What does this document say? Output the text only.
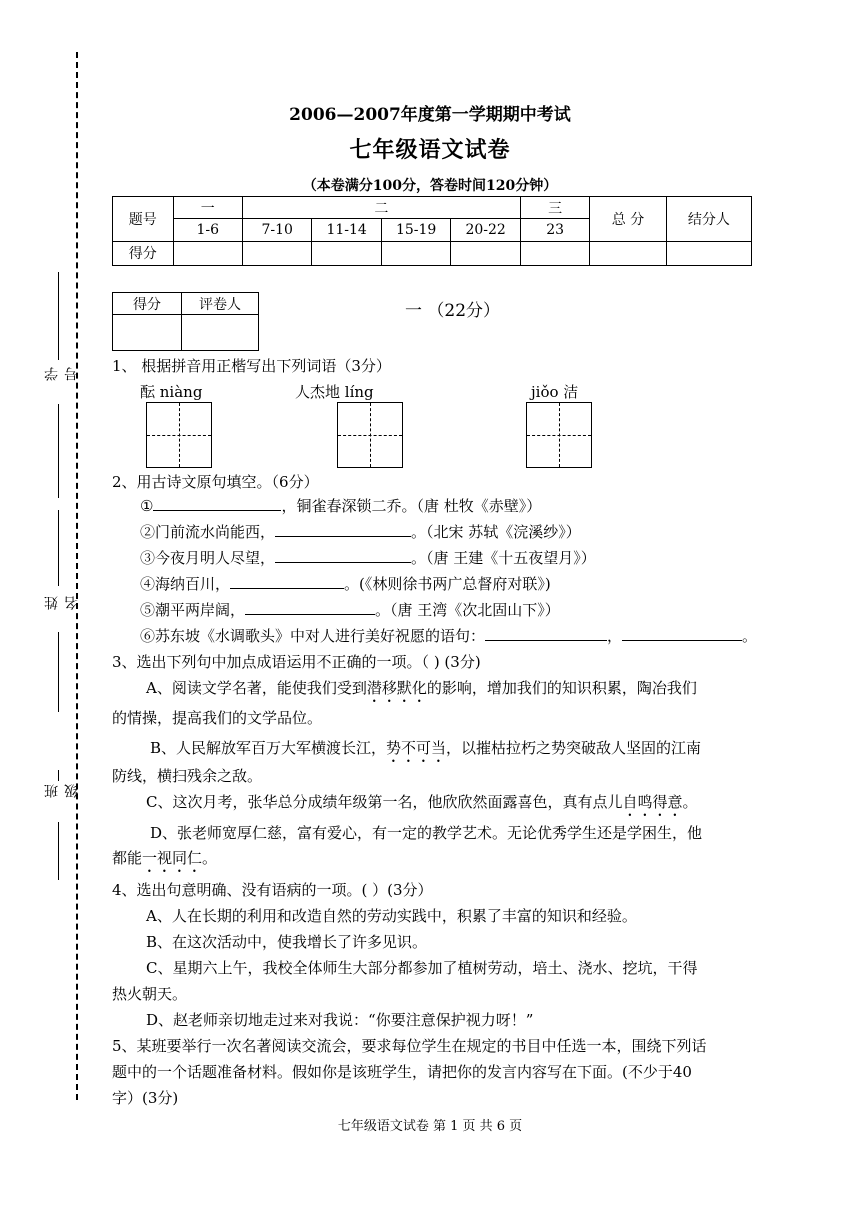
学号
姓名
班级
2006—2007年度第一学期期中考试
七年级语文试卷
（本卷满分100分，答卷时间120分钟）
题号	一	二				三	总 分	结分人
	1-6	7-10	11-14	15-19	20-22	23		
得分								
得分	评卷人
		一 （22分）
1、 根据拼音用正楷写出下列词语（3分）
酝 niàng	人杰地 líng	jiǒo 洁
2、用古诗文原句填空。（6分）
①	，铜雀春深锁二乔。（唐 杜牧《赤壁》）
②门前流水尚能西，	。（北宋 苏轼《浣溪纱》）
③今夜月明人尽望，	。（唐 王建《十五夜望月》）
④海纳百川，	。(《林则徐书两广总督府对联》)
⑤潮平两岸阔，	。（唐 王湾《次北固山下》）
⑥苏东坡《水调歌头》中对人进行美好祝愿的语句：	，	。
3、选出下列句中加点成语运用不正确的一项。（ ) (3分)
A、阅读文学名著，能使我们受到潜移默化的影响，增加我们的知识积累，陶冶我们
的情操，提高我们的文学品位。
B、人民解放军百万大军横渡长江，势不可当，以摧枯拉朽之势突破敌人坚固的江南
防线，横扫残余之敌。
C、这次月考，张华总分成绩年级第一名，他欣欣然面露喜色，真有点儿自鸣得意。
D、张老师宽厚仁慈，富有爱心，有一定的教学艺术。无论优秀学生还是学困生，他
都能一视同仁。
4、选出句意明确、没有语病的一项。( ）(3分）
A、人在长期的利用和改造自然的劳动实践中，积累了丰富的知识和经验。
B、在这次活动中，使我增长了许多见识。
C、星期六上午，我校全体师生大部分都参加了植树劳动，培土、浇水、挖坑，干得
热火朝天。
D、赵老师亲切地走过来对我说：“你要注意保护视力呀！”
5、某班要举行一次名著阅读交流会，要求每位学生在规定的书目中任选一本，围绕下列话
题中的一个话题准备材料。假如你是该班学生，请把你的发言内容写在下面。(不少于40
字）(3分)
七年级语文试卷 第 1 页 共 6 页
